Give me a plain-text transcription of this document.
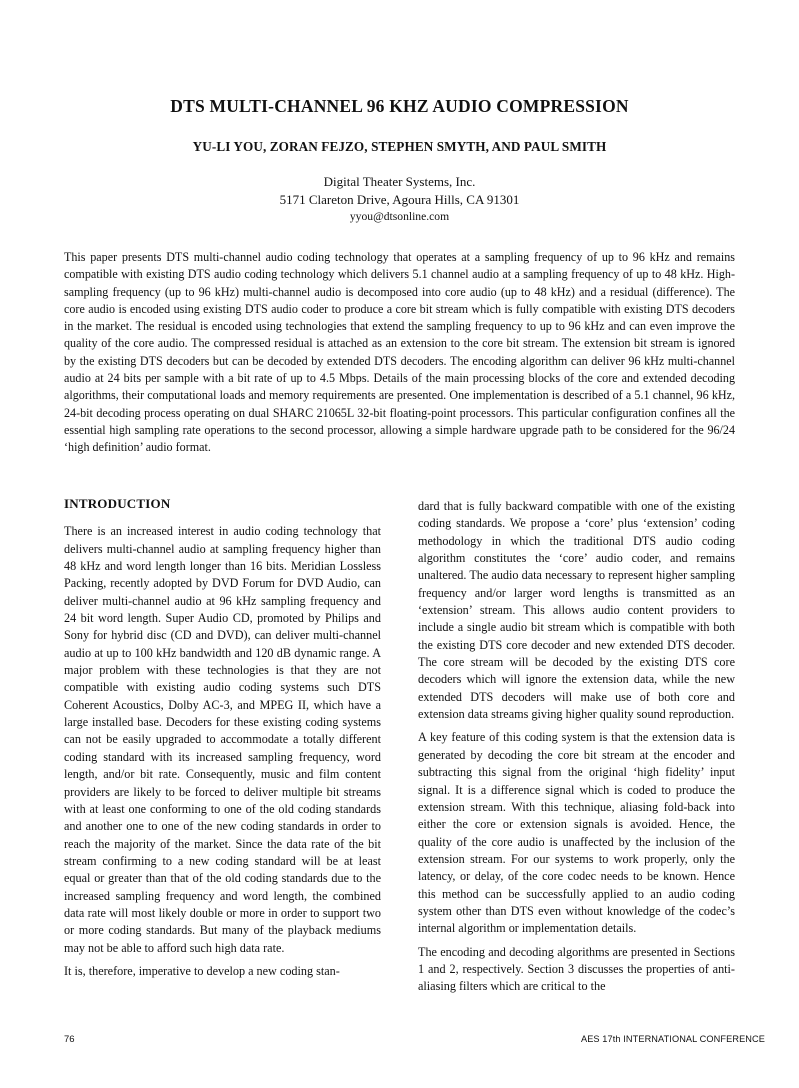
DTS MULTI-CHANNEL 96 KHZ AUDIO COMPRESSION
YU-LI YOU, ZORAN FEJZO, STEPHEN SMYTH, AND PAUL SMITH
Digital Theater Systems, Inc.
5171 Clareton Drive, Agoura Hills, CA 91301
yyou@dtsonline.com
This paper presents DTS multi-channel audio coding technology that operates at a sampling frequency of up to 96 kHz and remains compatible with existing DTS audio coding technology which delivers 5.1 channel audio at a sampling frequency of up to 48 kHz. High-sampling frequency (up to 96 kHz) multi-channel audio is decomposed into core audio (up to 48 kHz) and a residual (difference). The core audio is encoded using existing DTS audio coder to produce a core bit stream which is fully compatible with existing DTS decoders in the market. The residual is encoded using technologies that extend the sampling frequency to up to 96 kHz and can even improve the quality of the core audio. The compressed residual is attached as an extension to the core bit stream. The extension bit stream is ignored by the existing DTS decoders but can be decoded by extended DTS decoders. The encoding algorithm can deliver 96 kHz multi-channel audio at 24 bits per sample with a bit rate of up to 4.5 Mbps. Details of the main processing blocks of the core and extended decoding algorithms, their computational loads and memory requirements are presented. One implementation is described of a 5.1 channel, 96 kHz, 24-bit decoding process operating on dual SHARC 21065L 32-bit floating-point processors. This particular configuration confines all the essential high sampling rate operations to the second processor, allowing a simple hardware upgrade path to be considered for the 96/24 ‘high definition’ audio format.
INTRODUCTION

There is an increased interest in audio coding technology that delivers multi-channel audio at sampling frequency higher than 48 kHz and word length longer than 16 bits. Meridian Lossless Packing, recently adopted by DVD Forum for DVD Audio, can deliver multi-channel audio at 96 kHz sampling frequency and 24 bit word length. Super Audio CD, promoted by Philips and Sony for hybrid disc (CD and DVD), can deliver multi-channel audio at up to 100 kHz bandwidth and 120 dB dynamic range. A major problem with these technologies is that they are not compatible with existing audio coding systems such DTS Coherent Acoustics, Dolby AC-3, and MPEG II, which have a large installed base. Decoders for these existing coding systems can not be easily upgraded to accommodate a totally different coding standard with its increased sampling frequency, word length, and/or bit rate. Consequently, music and film content providers are likely to be forced to deliver multiple bit streams with at least one conforming to one of the old coding standards and another one to one of the new coding standards in order to reach the majority of the market. Since the data rate of the bit stream confirming to a new coding standard will be at least equal or greater than that of the old coding standards due to the increased sampling frequency and word length, the combined data rate will most likely double or more in order to support two or more coding standards. But many of the playback mediums may not be able to afford such high data rate.

It is, therefore, imperative to develop a new coding stan-

dard that is fully backward compatible with one of the existing coding standards. We propose a ‘core’ plus ‘extension’ coding methodology in which the traditional DTS audio coding algorithm constitutes the ‘core’ audio coder, and remains unaltered. The audio data necessary to represent higher sampling frequency and/or larger word lengths is transmitted as an ‘extension’ stream. This allows audio content providers to include a single audio bit stream which is compatible with both the existing DTS core decoder and new extended DTS decoder. The core stream will be decoded by the existing DTS core decoders which will ignore the extension data, while the new extended DTS decoders will make use of both core and extension data streams giving higher quality sound reproduction.

A key feature of this coding system is that the extension data is generated by decoding the core bit stream at the encoder and subtracting this signal from the original ‘high fidelity’ input signal. It is a difference signal which is coded to produce the extension stream. With this technique, aliasing fold-back into either the core or extension signals is avoided. Hence, the quality of the core audio is unaffected by the inclusion of the extension stream. For our systems to work properly, only the latency, or delay, of the core codec needs to be known. Hence this method can be successfully applied to an audio coding system other than DTS even without knowledge of the codec’s internal algorithm or implementation details.

The encoding and decoding algorithms are presented in Sections 1 and 2, respectively. Section 3 discusses the properties of anti-aliasing filters which are critical to the

76	AES 17th INTERNATIONAL CONFERENCE
